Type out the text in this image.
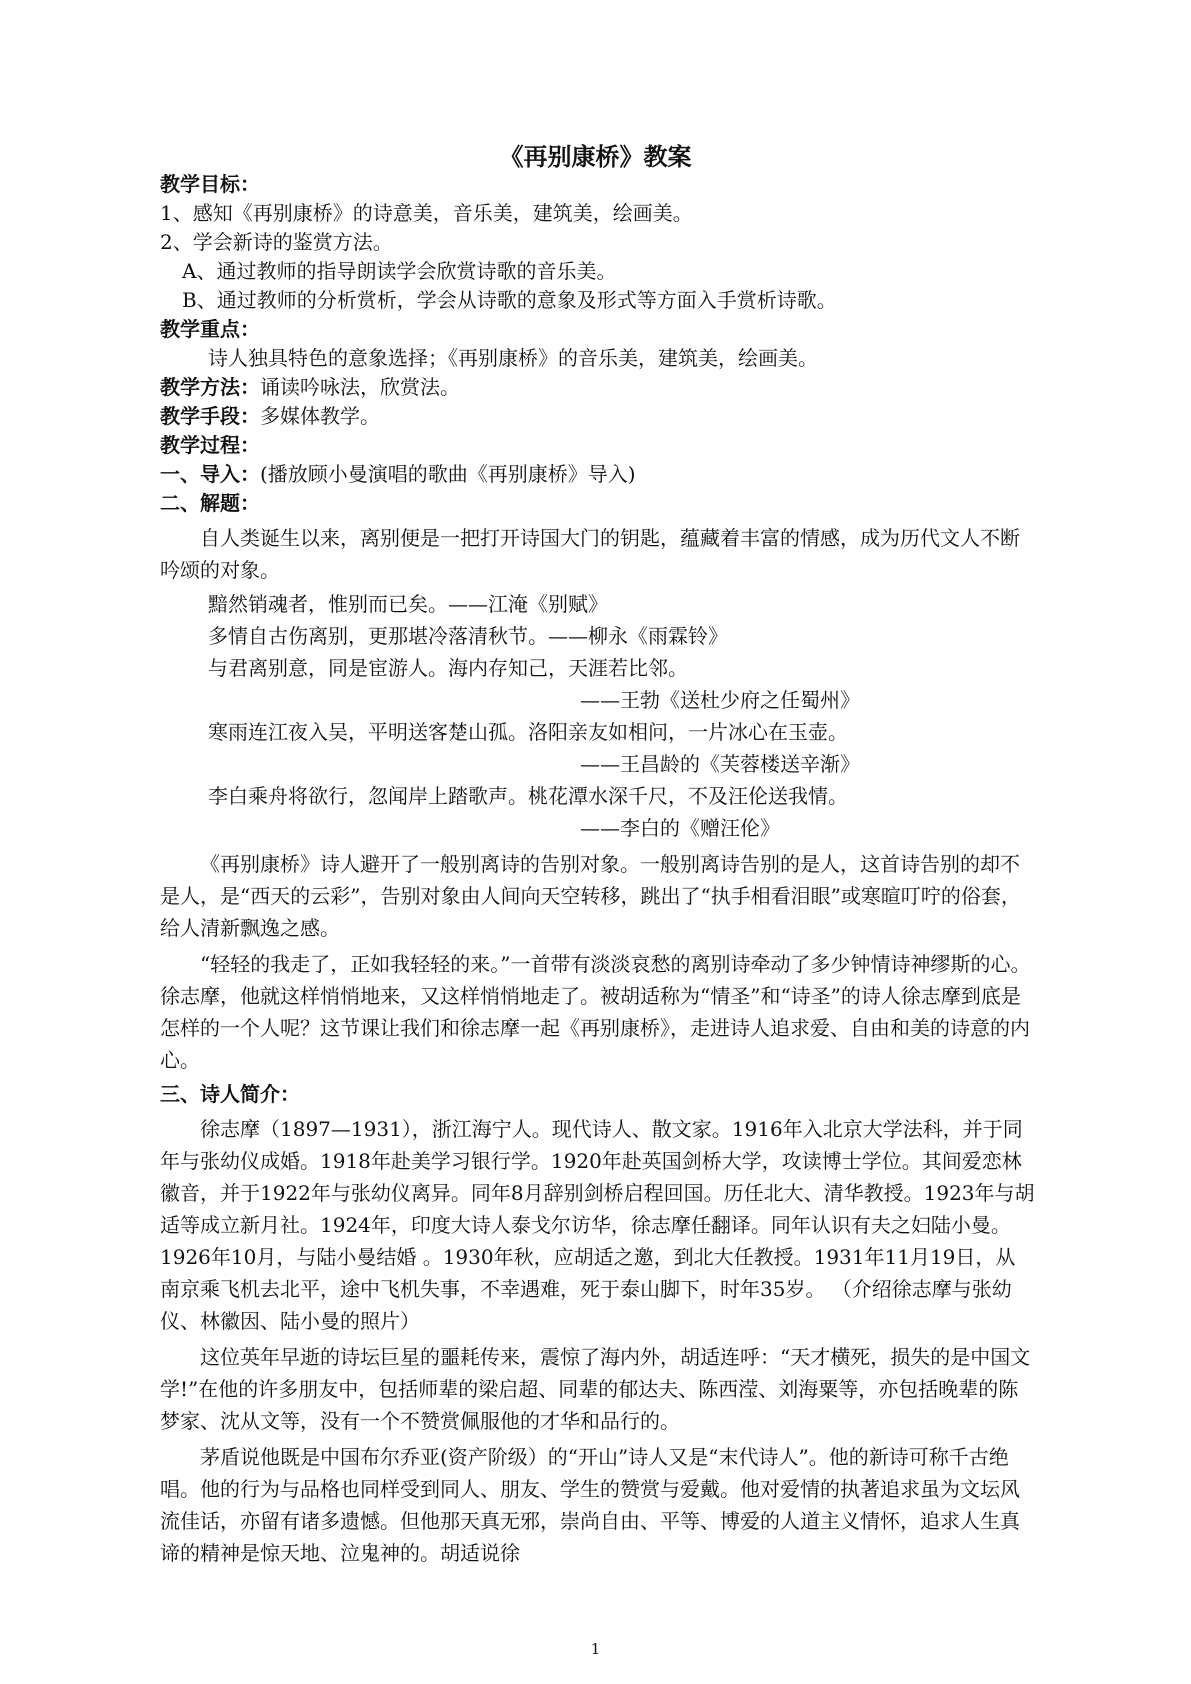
《再别康桥》教案
教学目标：
1、感知《再别康桥》的诗意美，音乐美，建筑美，绘画美。
2、学会新诗的鉴赏方法。
A、通过教师的指导朗读学会欣赏诗歌的音乐美。
B、通过教师的分析赏析，学会从诗歌的意象及形式等方面入手赏析诗歌。
教学重点：
诗人独具特色的意象选择；《再别康桥》的音乐美，建筑美，绘画美。
教学方法：诵读吟咏法，欣赏法。
教学手段：多媒体教学。
教学过程：
一、导入：(播放顾小曼演唱的歌曲《再别康桥》导入)
二、解题：

自人类诞生以来，离别便是一把打开诗国大门的钥匙，蕴藏着丰富的情感，成为历代文人不断吟颂的对象。

黯然销魂者，惟别而已矣。——江淹《别赋》
多情自古伤离别，更那堪冷落清秋节。——柳永《雨霖铃》
与君离别意，同是宦游人。海内存知己，天涯若比邻。
——王勃《送杜少府之任蜀州》
寒雨连江夜入吴，平明送客楚山孤。洛阳亲友如相问，一片冰心在玉壶。
——王昌龄的《芙蓉楼送辛渐》
李白乘舟将欲行，忽闻岸上踏歌声。桃花潭水深千尺，不及汪伦送我情。
——李白的《赠汪伦》

《再别康桥》诗人避开了一般别离诗的告别对象。一般别离诗告别的是人，这首诗告别的却不是人，是“西天的云彩”，告别对象由人间向天空转移，跳出了“执手相看泪眼”或寒暄叮咛的俗套，给人清新飘逸之感。

“轻轻的我走了，正如我轻轻的来。”一首带有淡淡哀愁的离别诗牵动了多少钟情诗神缪斯的心。徐志摩，他就这样悄悄地来，又这样悄悄地走了。被胡适称为“情圣”和“诗圣”的诗人徐志摩到底是怎样的一个人呢？这节课让我们和徐志摩一起《再别康桥》，走进诗人追求爱、自由和美的诗意的内心。

三、诗人简介：

徐志摩（1897—1931），浙江海宁人。现代诗人、散文家。1916年入北京大学法科，并于同年与张幼仪成婚。1918年赴美学习银行学。1920年赴英国剑桥大学，攻读博士学位。其间爱恋林徽音，并于1922年与张幼仪离异。同年8月辞别剑桥启程回国。历任北大、清华教授。1923年与胡适等成立新月社。1924年，印度大诗人泰戈尔访华，徐志摩任翻译。同年认识有夫之妇陆小曼。1926年10月，与陆小曼结婚 。1930年秋，应胡适之邀，到北大任教授。1931年11月19日，从南京乘飞机去北平，途中飞机失事，不幸遇难，死于泰山脚下，时年35岁。 （介绍徐志摩与张幼仪、林徽因、陆小曼的照片）

这位英年早逝的诗坛巨星的噩耗传来，震惊了海内外，胡适连呼：“天才横死，损失的是中国文学!”在他的许多朋友中，包括师辈的梁启超、同辈的郁达夫、陈西滢、刘海粟等，亦包括晚辈的陈梦家、沈从文等，没有一个不赞赏佩服他的才华和品行的。

茅盾说他既是中国布尔乔亚(资产阶级）的“开山”诗人又是“末代诗人”。他的新诗可称千古绝唱。他的行为与品格也同样受到同人、朋友、学生的赞赏与爱戴。他对爱情的执著追求虽为文坛风流佳话，亦留有诸多遗憾。但他那天真无邪，崇尚自由、平等、博爱的人道主义情怀，追求人生真谛的精神是惊天地、泣鬼神的。胡适说徐

1
